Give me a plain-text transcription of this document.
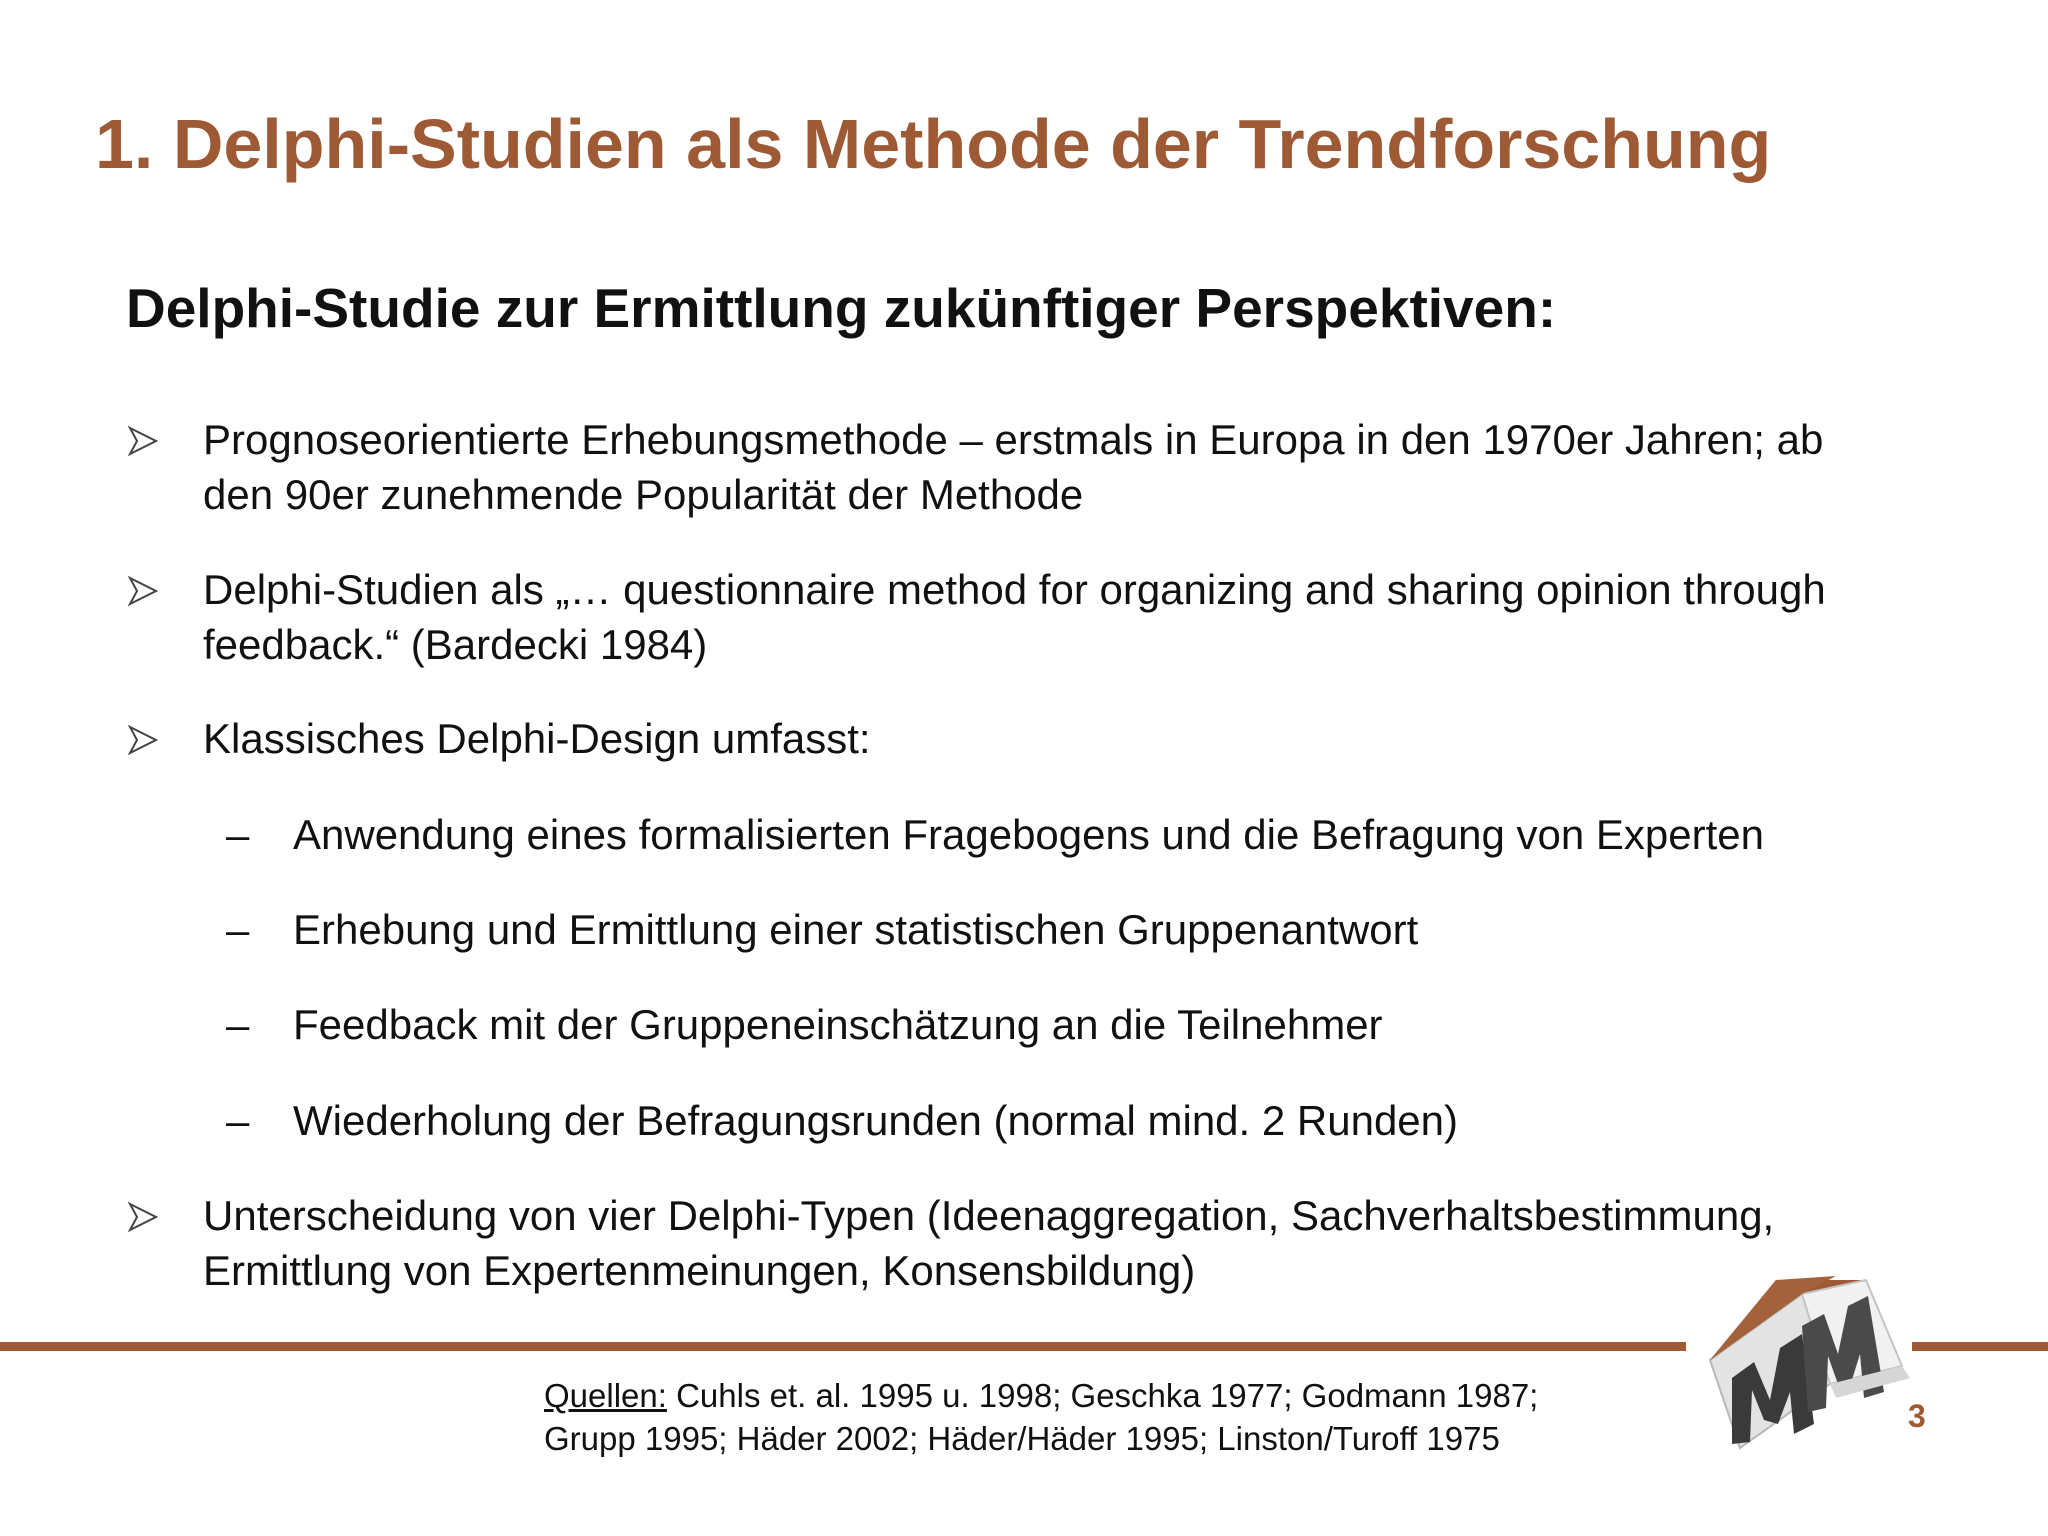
1. Delphi-Studien als Methode der Trendforschung
Delphi-Studie zur Ermittlung zukünftiger Perspektiven:
Prognoseorientierte Erhebungsmethode – erstmals in Europa in den 1970er Jahren; ab
den 90er zunehmende Popularität der Methode
Delphi-Studien als „… questionnaire method for organizing and sharing opinion through
feedback.“ (Bardecki 1984)
Klassisches Delphi-Design umfasst:
– Anwendung eines formalisierten Fragebogens und die Befragung von Experten
– Erhebung und Ermittlung einer statistischen Gruppenantwort
– Feedback mit der Gruppeneinschätzung an die Teilnehmer
– Wiederholung der Befragungsrunden (normal mind. 2 Runden)
Unterscheidung von vier Delphi-Typen (Ideenaggregation, Sachverhaltsbestimmung,
Ermittlung von Expertenmeinungen, Konsensbildung)
Quellen: Cuhls et. al. 1995 u. 1998; Geschka 1977; Godmann 1987;
Grupp 1995; Häder 2002; Häder/Häder 1995; Linston/Turoff 1975
3
